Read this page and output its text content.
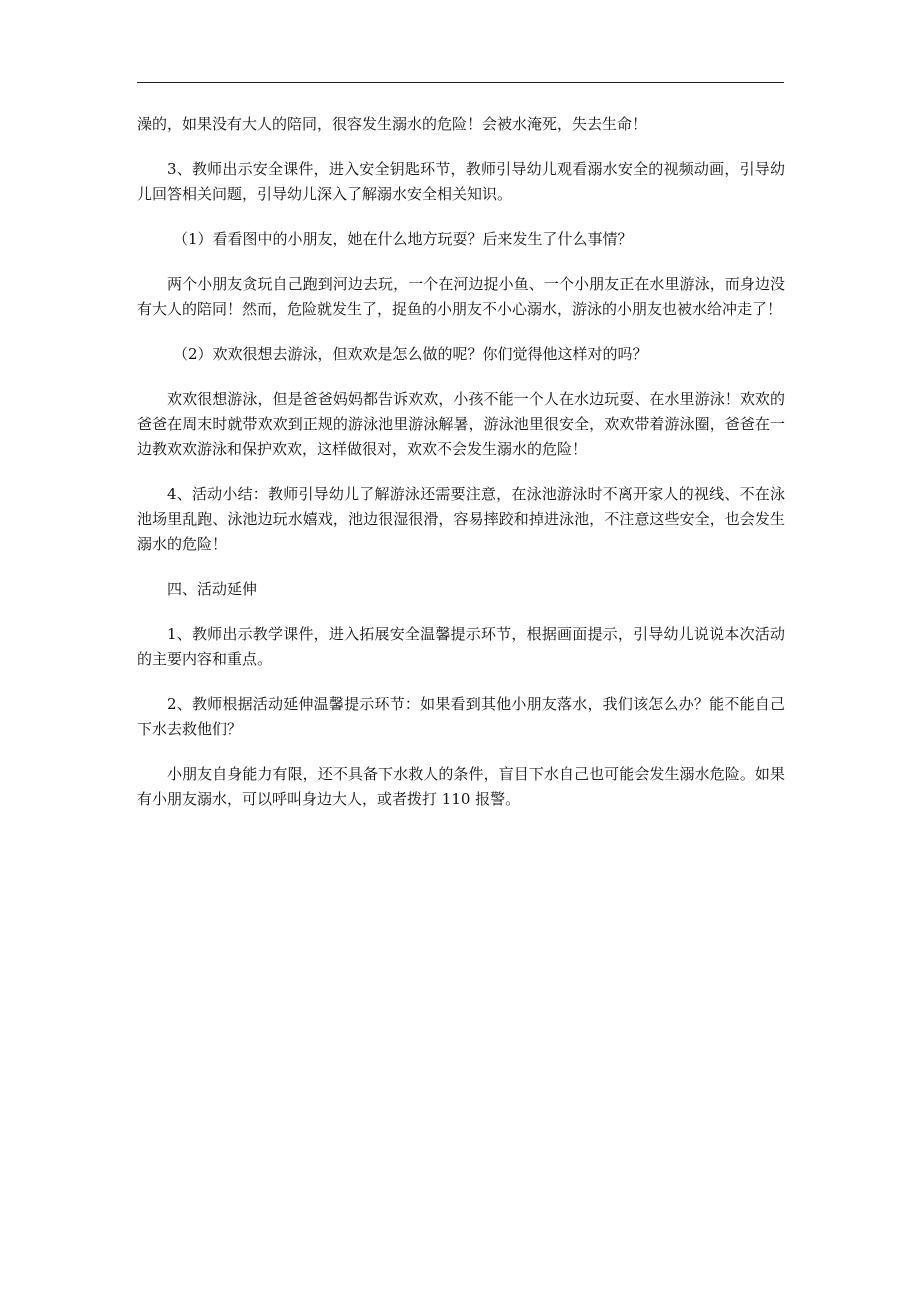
澡的，如果没有大人的陪同，很容发生溺水的危险！会被水淹死，失去生命！

3、教师出示安全课件，进入安全钥匙环节，教师引导幼儿观看溺水安全的视频动画，引导幼儿回答相关问题，引导幼儿深入了解溺水安全相关知识。

（1）看看图中的小朋友，她在什么地方玩耍？后来发生了什么事情？

两个小朋友贪玩自己跑到河边去玩，一个在河边捉小鱼、一个小朋友正在水里游泳，而身边没有大人的陪同！然而，危险就发生了，捉鱼的小朋友不小心溺水，游泳的小朋友也被水给冲走了！

（2）欢欢很想去游泳，但欢欢是怎么做的呢？你们觉得他这样对的吗？

欢欢很想游泳，但是爸爸妈妈都告诉欢欢，小孩不能一个人在水边玩耍、在水里游泳！欢欢的爸爸在周末时就带欢欢到正规的游泳池里游泳解暑，游泳池里很安全，欢欢带着游泳圈，爸爸在一边教欢欢游泳和保护欢欢，这样做很对，欢欢不会发生溺水的危险！

4、活动小结：教师引导幼儿了解游泳还需要注意，在泳池游泳时不离开家人的视线、不在泳池场里乱跑、泳池边玩水嬉戏，池边很湿很滑，容易摔跤和掉进泳池，不注意这些安全，也会发生溺水的危险！

四、活动延伸

1、教师出示教学课件，进入拓展安全温馨提示环节，根据画面提示，引导幼儿说说本次活动的主要内容和重点。

2、教师根据活动延伸温馨提示环节：如果看到其他小朋友落水，我们该怎么办？能不能自己下水去救他们？

小朋友自身能力有限，还不具备下水救人的条件，盲目下水自己也可能会发生溺水危险。如果有小朋友溺水，可以呼叫身边大人，或者拨打 110 报警。
